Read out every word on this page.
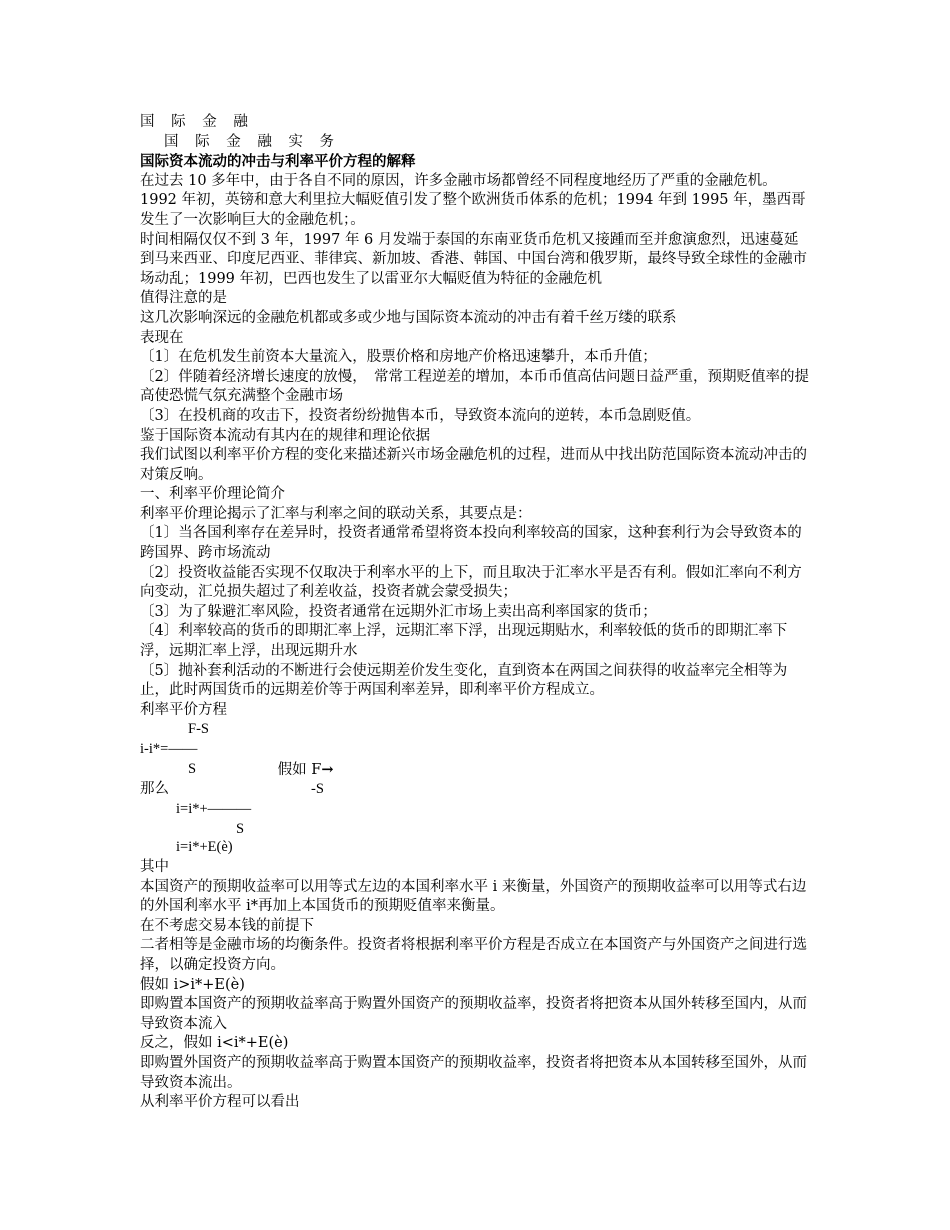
国 际 金 融
国 际 金 融 实 务
国际资本流动的冲击与利率平价方程的解释
在过去 10 多年中，由于各自不同的原因，许多金融市场都曾经不同程度地经历了严重的金融危机。
1992 年初，英镑和意大利里拉大幅贬值引发了整个欧洲货币体系的危机；1994 年到 1995 年，墨西哥发生了一次影响巨大的金融危机；。
时间相隔仅仅不到 3 年，1997 年 6 月发端于泰国的东南亚货币危机又接踵而至并愈演愈烈，迅速蔓延到马来西亚、印度尼西亚、菲律宾、新加坡、香港、韩国、中国台湾和俄罗斯，最终导致全球性的金融市场动乱；1999 年初，巴西也发生了以雷亚尔大幅贬值为特征的金融危机
值得注意的是
这几次影响深远的金融危机都或多或少地与国际资本流动的冲击有着千丝万缕的联系
表现在
〔1〕在危机发生前资本大量流入，股票价格和房地产价格迅速攀升，本币升值；
〔2〕伴随着经济增长速度的放慢，　常常工程逆差的增加，本币币值高估问题日益严重，预期贬值率的提高使恐慌气氛充满整个金融市场
〔3〕在投机商的攻击下，投资者纷纷抛售本币，导致资本流向的逆转，本币急剧贬值。
鉴于国际资本流动有其内在的规律和理论依据
我们试图以利率平价方程的变化来描述新兴市场金融危机的过程，进而从中找出防范国际资本流动冲击的对策反响。
一、利率平价理论简介
利率平价理论揭示了汇率与利率之间的联动关系，其要点是：
〔1〕当各国利率存在差异时，投资者通常希望将资本投向利率较高的国家，这种套利行为会导致资本的跨国界、跨市场流动
〔2〕投资收益能否实现不仅取决于利率水平的上下，而且取决于汇率水平是否有利。假如汇率向不利方向变动，汇兑损失超过了利差收益，投资者就会蒙受损失；
〔3〕为了躲避汇率风险，投资者通常在远期外汇市场上卖出高利率国家的货币；
〔4〕利率较高的货币的即期汇率上浮，远期汇率下浮，出现远期贴水，利率较低的货币的即期汇率下浮，远期汇率上浮，出现远期升水
〔5〕抛补套利活动的不断进行会使远期差价发生变化，直到资本在两国之间获得的收益率完全相等为止，此时两国货币的远期差价等于两国利率差异，即利率平价方程成立。
利率平价方程
F-S
i-i*=——

假如 F→

S
那么	-S
i=i*+———
S
i=i*+E(è)
其中
本国资产的预期收益率可以用等式左边的本国利率水平 i 来衡量，外国资产的预期收益率可以用等式右边的外国利率水平 i*再加上本国货币的预期贬值率来衡量。
在不考虑交易本钱的前提下
二者相等是金融市场的均衡条件。投资者将根据利率平价方程是否成立在本国资产与外国资产之间进行选择，以确定投资方向。
假如 i>i*+E(è)
即购置本国资产的预期收益率高于购置外国资产的预期收益率，投资者将把资本从国外转移至国内，从而导致资本流入
反之，假如 i<i*+E(è)
即购置外国资产的预期收益率高于购置本国资产的预期收益率，投资者将把资本从本国转移至国外，从而导致资本流出。
从利率平价方程可以看出
